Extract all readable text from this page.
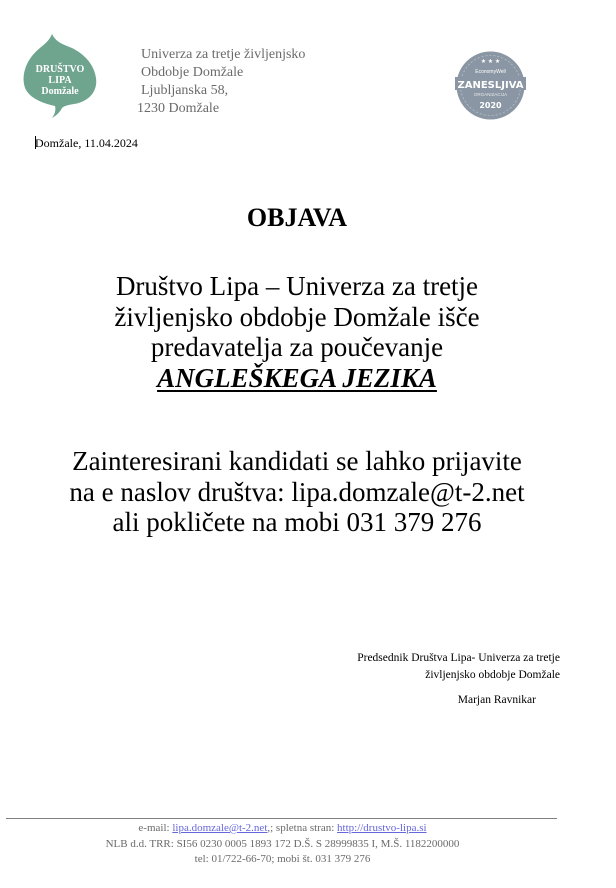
DRUŠTVO
LIPA
Domžale
Univerza za tretje življenjsko
Obdobje Domžale
Ljubljanska 58,
1230 Domžale
★ ★ ★
EconomyWell
ZANESLJIVA
ORGANIZACIJA
2020
Domžale, 11.04.2024
OBJAVA
Društvo Lipa – Univerza za tretje
življenjsko obdobje Domžale išče
predavatelja za poučevanje
ANGLEŠKEGA JEZIKA
Zainteresirani kandidati se lahko prijavite
na e naslov društva: lipa.domzale@t-2.net
ali pokličete na mobi 031 379 276
Predsednik Društva Lipa- Univerza za tretje
življenjsko obdobje Domžale
Marjan Ravnikar
e-mail: lipa.domzale@t-2.net,; spletna stran: http://drustvo-lipa.si
NLB d.d. TRR: SI56 0230 0005 1893 172 D.Š. S 28999835 I, M.Š. 1182200000
tel: 01/722-66-70; mobi št. 031 379 276
